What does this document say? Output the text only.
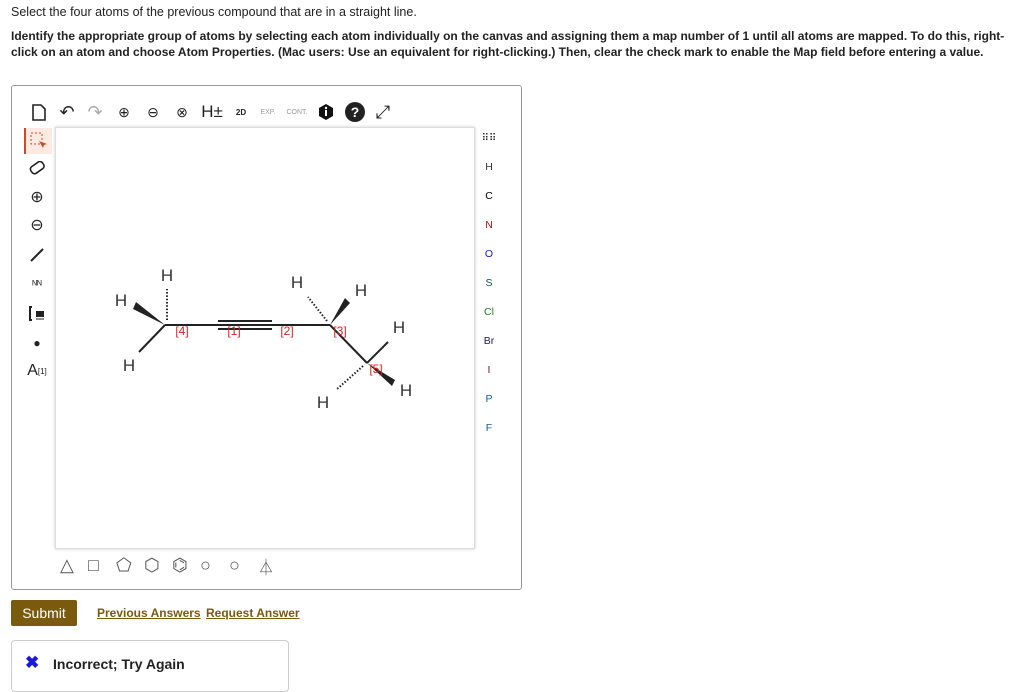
Select the four atoms of the previous compound that are in a straight line.
Identify the appropriate group of atoms by selecting each atom individually on the canvas and assigning them a map number of 1 until all atoms are mapped. To do this, right-click on an atom and choose Atom Properties. (Mac users: Use an equivalent for right-clicking.) Then, clear the check mark to enable the Map field before entering a value.
↶ ↷ ⊕ ⊖ ⊗ H±	2D	EXP.	CONT.	? ⤢
⊕
⊖
ᴺᴺ
●
A [1]
⠿⠿
H
C
N
O
S
Cl
Br
I
P
F
△ □ ⬠ ⬡ ⌬ ○ ○ ⏃
H
H
H
H	H
H
H
H
[1]	[2]	[3]
[4]
[5]
Submit	Previous Answers Request Answer
✖ Incorrect; Try Again
